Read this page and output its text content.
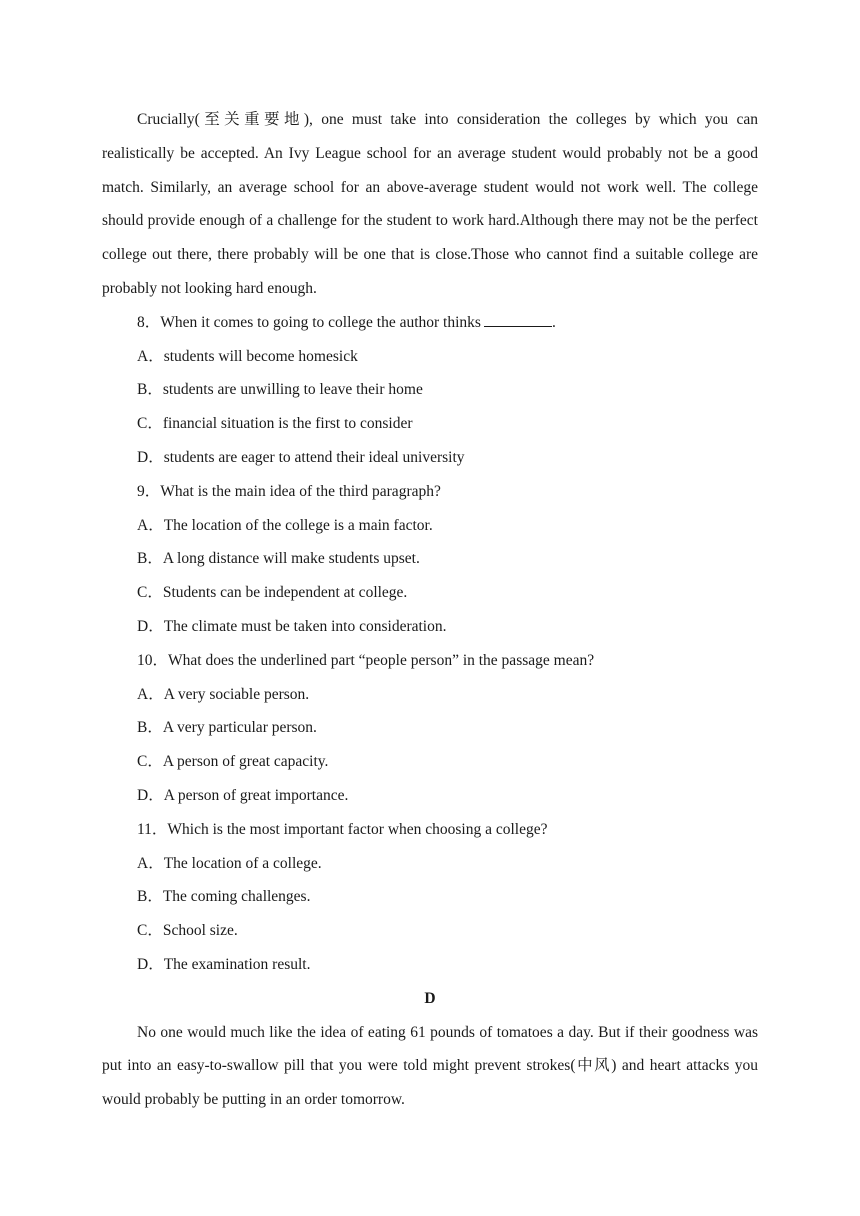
Crucially(至关重要地), one must take into consideration the colleges by which you can realistically be accepted. An Ivy League school for an average student would probably not be a good match. Similarly, an average school for an above-average student would not work well. The college should provide enough of a challenge for the student to work hard.Although there may not be the perfect college out there, there probably will be one that is close.Those who cannot find a suitable college are probably not looking hard enough.

8．When it comes to going to college the author thinks	.
A．students will become homesick
B．students are unwilling to leave their home
C．financial situation is the first to consider
D．students are eager to attend their ideal university
9．What is the main idea of the third paragraph?
A．The location of the college is a main factor.
B．A long distance will make students upset.
C．Students can be independent at college.
D．The climate must be taken into consideration.
10．What does the underlined part “people person” in the passage mean?
A．A very sociable person.
B．A very particular person.
C．A person of great capacity.
D．A person of great importance.
11．Which is the most important factor when choosing a college?
A．The location of a college.
B．The coming challenges.
C．School size.
D．The examination result.
D

No one would much like the idea of eating 61 pounds of tomatoes a day. But if their goodness was put into an easy-to-swallow pill that you were told might prevent strokes(中风) and heart attacks you would probably be putting in an order tomorrow.
